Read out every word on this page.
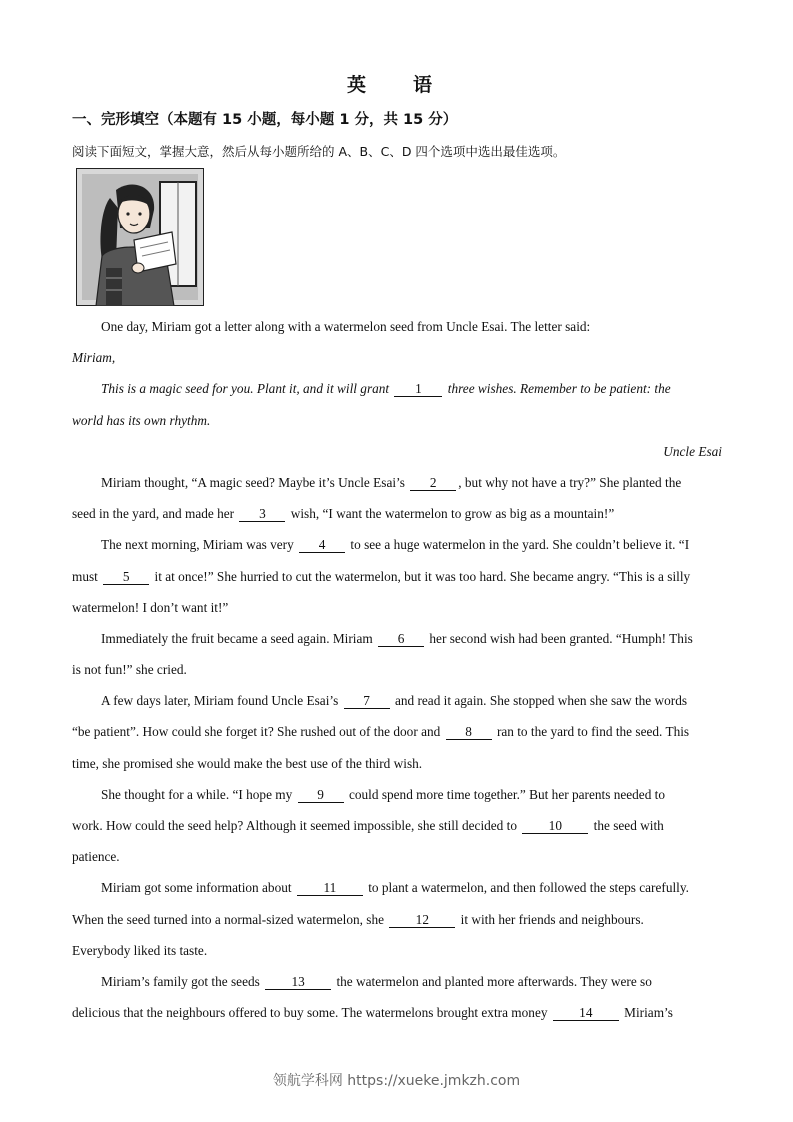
英　语
一、完形填空（本题有 15 小题，每小题 1 分，共 15 分）
阅读下面短文，掌握大意，然后从每小题所给的 A、B、C、D 四个选项中选出最佳选项。
One day, Miriam got a letter along with a watermelon seed from Uncle Esai. The letter said:
Miriam,
This is a magic seed for you. Plant it, and it will grant 1 three wishes. Remember to be patient: the
world has its own rhythm.
Uncle Esai
Miriam thought, “A magic seed? Maybe it’s Uncle Esai’s 2 , but why not have a try?” She planted the
seed in the yard, and made her 3 wish, “I want the watermelon to grow as big as a mountain!”
The next morning, Miriam was very 4 to see a huge watermelon in the yard. She couldn’t believe it. “I
must 5 it at once!” She hurried to cut the watermelon, but it was too hard. She became angry. “This is a silly
watermelon! I don’t want it!”
Immediately the fruit became a seed again. Miriam 6 her second wish had been granted. “Humph! This
is not fun!” she cried.
A few days later, Miriam found Uncle Esai’s 7 and read it again. She stopped when she saw the words
“be patient”. How could she forget it? She rushed out of the door and 8 ran to the yard to find the seed. This
time, she promised she would make the best use of the third wish.
She thought for a while. “I hope my 9 could spend more time together.” But her parents needed to
work. How could the seed help? Although it seemed impossible, she still decided to 10 the seed with
patience.
Miriam got some information about 11 to plant a watermelon, and then followed the steps carefully.
When the seed turned into a normal-sized watermelon, she 12 it with her friends and neighbours.
Everybody liked its taste.
Miriam’s family got the seeds 13 the watermelon and planted more afterwards. They were so
delicious that the neighbours offered to buy some. The watermelons brought extra money 14 Miriam’s
领航学科网 https://xueke.jmkzh.com
